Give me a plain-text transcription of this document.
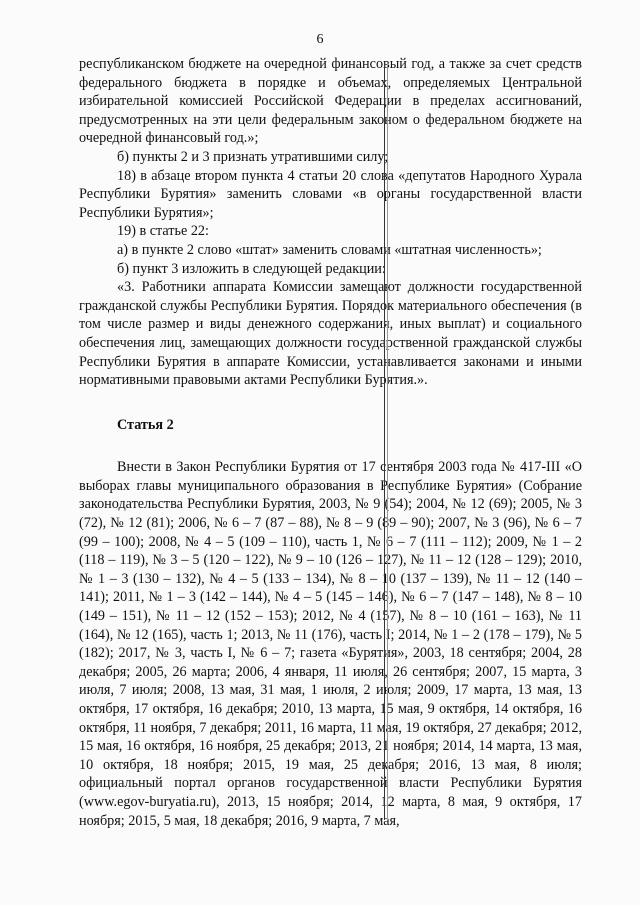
6

республиканском бюджете на очередной финансовый год, а также за счет средств федерального бюджета в порядке и объемах, определяемых Центральной избирательной комиссией Российской Федерации в пределах ассигнований, предусмотренных на эти цели федеральным законом о федеральном бюджете на очередной финансовый год.»;

б) пункты 2 и 3 признать утратившими силу;

18) в абзаце втором пункта 4 статьи 20 слова «депутатов Народного Хурала Республики Бурятия» заменить словами «в органы государственной власти Республики Бурятия»;

19) в статье 22:

а) в пункте 2 слово «штат» заменить словами «штатная численность»;

б) пункт 3 изложить в следующей редакции:

«3. Работники аппарата Комиссии замещают должности государственной гражданской службы Республики Бурятия. Порядок материального обеспечения (в том числе размер и виды денежного содержания, иных выплат) и социального обеспечения лиц, замещающих должности государственной гражданской службы Республики Бурятия в аппарате Комиссии, устанавливается законами и иными нормативными правовыми актами Республики Бурятия.».

Статья 2

Внести в Закон Республики Бурятия от 17 сентября 2003 года № 417-III «О выборах главы муниципального образования в Республике Бурятия» (Собрание законодательства Республики Бурятия, 2003, № 9 (54); 2004, № 12 (69); 2005, № 3 (72), № 12 (81); 2006, № 6 – 7 (87 – 88), № 8 – 9 (89 – 90); 2007, № 3 (96), № 6 – 7 (99 – 100); 2008, № 4 – 5 (109 – 110), часть 1, № 6 – 7 (111 – 112); 2009, № 1 – 2 (118 – 119), № 3 – 5 (120 – 122), № 9 – 10 (126 – 127), № 11 – 12 (128 – 129); 2010, № 1 – 3 (130 – 132), № 4 – 5 (133 – 134), № 8 – 10 (137 – 139), № 11 – 12 (140 – 141); 2011, № 1 – 3 (142 – 144), № 4 – 5 (145 – 146), № 6 – 7 (147 – 148), № 8 – 10 (149 – 151), № 11 – 12 (152 – 153); 2012, № 4 (157), № 8 – 10 (161 – 163), № 11 (164), № 12 (165), часть 1; 2013, № 11 (176), часть I; 2014, № 1 – 2 (178 – 179), № 5 (182); 2017, № 3, часть I, № 6 – 7; газета «Бурятия», 2003, 18 сентября; 2004, 28 декабря; 2005, 26 марта; 2006, 4 января, 11 июля, 26 сентября; 2007, 15 марта, 3 июля, 7 июля; 2008, 13 мая, 31 мая, 1 июля, 2 июля; 2009, 17 марта, 13 мая, 13 октября, 17 октября, 16 декабря; 2010, 13 марта, 15 мая, 9 октября, 14 октября, 16 октября, 11 ноября, 7 декабря; 2011, 16 марта, 11 мая, 19 октября, 27 декабря; 2012, 15 мая, 16 октября, 16 ноября, 25 декабря; 2013, 21 ноября; 2014, 14 марта, 13 мая, 10 октября, 18 ноября; 2015, 19 мая, 25 декабря; 2016, 13 мая, 8 июля; официальный портал органов государственной власти Республики Бурятия (www.egov-buryatia.ru), 2013, 15 ноября; 2014, 12 марта, 8 мая, 9 октября, 17 ноября; 2015, 5 мая, 18 декабря; 2016, 9 марта, 7 мая,
